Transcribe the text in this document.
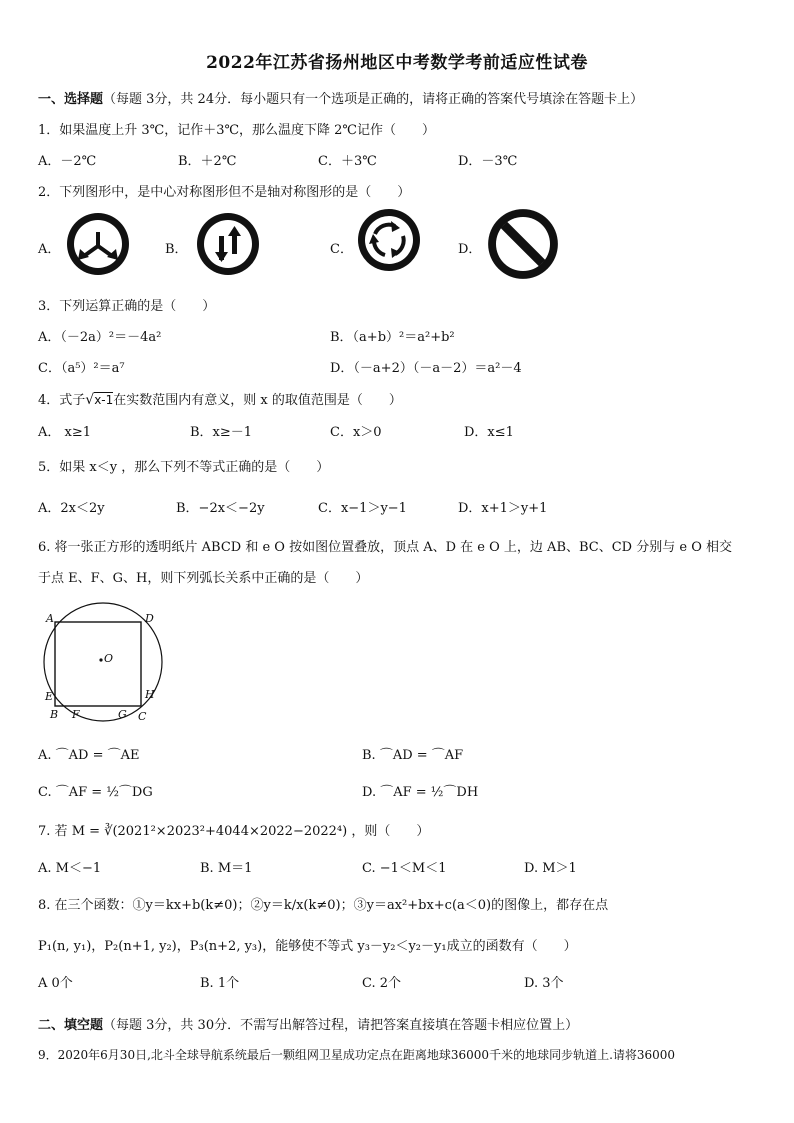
2022年江苏省扬州地区中考数学考前适应性试卷
一、选择题（每题 3分，共 24分．每小题只有一个选项是正确的，请将正确的答案代号填涂在答题卡上）
1．如果温度上升 3℃，记作＋3℃，那么温度下降 2℃记作（　　）
A．－2℃	B．＋2℃	C．＋3℃	D．－3℃
2．下列图形中，是中心对称图形但不是轴对称图形的是（　　）
A．	B．	C．	D．
3．下列运算正确的是（　　）
A．（－2a）²＝－4a²	B．（a+b）²＝a²+b²
C．（a⁵）²＝a⁷	D．（－a+2）（－a－2）＝a²－4
4．式子√x-1在实数范围内有意义，则 x 的取值范围是（　　）
A． x≥1	B．x≥－1	C．x＞0	D．x≤1
5．如果 x＜y ，那么下列不等式正确的是（　　）
A．2x＜2y	B．−2x＜−2y	C．x−1＞y−1	D．x+1＞y+1
6. 将一张正方形的透明纸片 ABCD 和 e O 按如图位置叠放，顶点 A、D 在 e O 上，边 AB、BC、CD 分别与 e O 相交
于点 E、F、G、H，则下列弧长关系中正确的是（　　）
A	D
O
E	H
B F	G C
A. ⌒AD = ⌒AE	B. ⌒AD = ⌒AF
C. ⌒AF = ½⌒DG	D. ⌒AF = ½⌒DH
7. 若 M = ∛(2021²×2023²+4044×2022−2022⁴) ，则（　　）
A. M＜−1	B. M＝1	C. −1＜M＜1	D. M＞1
8. 在三个函数：①y＝kx+b(k≠0)；②y＝k/x(k≠0)；③y＝ax²+bx+c(a＜0)的图像上，都存在点
P₁(n, y₁)，P₂(n+1, y₂)，P₃(n+2, y₃)，能够使不等式 y₃－y₂＜y₂－y₁成立的函数有（　　）
A 0个	B. 1个	C. 2个	D. 3个
二、填空题（每题 3分，共 30分．不需写出解答过程，请把答案直接填在答题卡相应位置上）
9．2020年6月30日,北斗全球导航系统最后一颗组网卫星成功定点在距离地球36000千米的地球同步轨道上.请将36000
